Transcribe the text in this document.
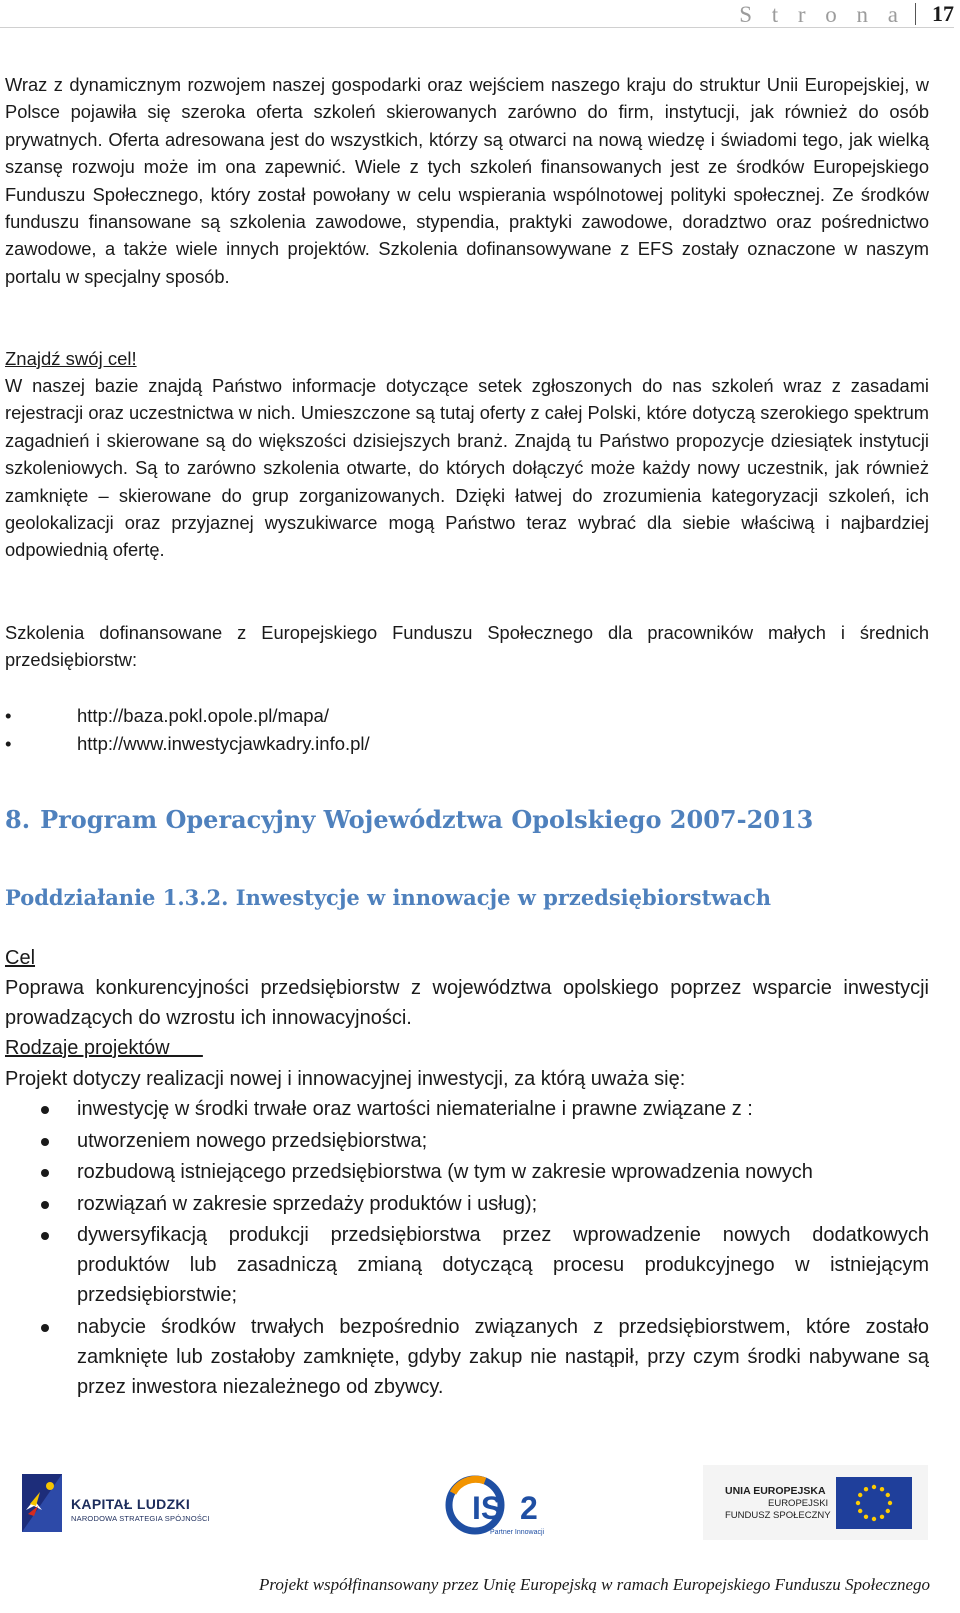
S t r o n a 17

Wraz z dynamicznym rozwojem naszej gospodarki oraz wejściem naszego kraju do struktur Unii Europejskiej, w Polsce pojawiła się szeroka oferta szkoleń skierowanych zarówno do firm, instytucji, jak również do osób prywatnych. Oferta adresowana jest do wszystkich, którzy są otwarci na nową wiedzę i świadomi tego, jak wielką szansę rozwoju może im ona zapewnić. Wiele z tych szkoleń finansowanych jest ze środków Europejskiego Funduszu Społecznego, który został powołany w celu wspierania wspólnotowej polityki społecznej. Ze środków funduszu finansowane są szkolenia zawodowe, stypendia, praktyki zawodowe, doradztwo oraz pośrednictwo zawodowe, a także wiele innych projektów. Szkolenia dofinansowywane z EFS zostały oznaczone w naszym portalu w specjalny sposób.

Znajdź swój cel!

W naszej bazie znajdą Państwo informacje dotyczące setek zgłoszonych do nas szkoleń wraz z zasadami rejestracji oraz uczestnictwa w nich. Umieszczone są tutaj oferty z całej Polski, które dotyczą szerokiego spektrum zagadnień i skierowane są do większości dzisiejszych branż. Znajdą tu Państwo propozycje dziesiątek instytucji szkoleniowych. Są to zarówno szkolenia otwarte, do których dołączyć może każdy nowy uczestnik, jak również zamknięte – skierowane do grup zorganizowanych. Dzięki łatwej do zrozumienia kategoryzacji szkoleń, ich geolokalizacji oraz przyjaznej wyszukiwarce mogą Państwo teraz wybrać dla siebie właściwą i najbardziej odpowiednią ofertę.

Szkolenia dofinansowane z Europejskiego Funduszu Społecznego dla pracowników małych i średnich przedsiębiorstw:

•	http://baza.pokl.opole.pl/mapa/
•	http://www.inwestycjawkadry.info.pl/
8. Program Operacyjny Województwa Opolskiego 2007-2013
Poddziałanie 1.3.2. Inwestycje w innowacje w przedsiębiorstwach
Cel

Poprawa konkurencyjności przedsiębiorstw z województwa opolskiego poprzez wsparcie inwestycji prowadzących do wzrostu ich innowacyjności.

Rodzaje projektów

Projekt dotyczy realizacji nowej i innowacyjnej inwestycji, za którą uważa się:

inwestycję w środki trwałe oraz wartości niematerialne i prawne związane z :
utworzeniem nowego przedsiębiorstwa;
rozbudową istniejącego przedsiębiorstwa (w tym w zakresie wprowadzenia nowych
rozwiązań w zakresie sprzedaży produktów i usług);
dywersyfikacją produkcji przedsiębiorstwa przez wprowadzenie nowych dodatkowych produktów lub zasadniczą zmianą dotyczącą procesu produkcyjnego w istniejącym przedsiębiorstwie;
nabycie środków trwałych bezpośrednio związanych z przedsiębiorstwem, które zostało zamknięte lub zostałoby zamknięte, gdyby zakup nie nastąpił, przy czym środki nabywane są przez inwestora niezależnego od zbywcy.
KAPITAŁ LUDZKI
NARODOWA STRATEGIA SPÓJNOŚCI	IS 2
Partner Innowacji
UNIA EUROPEJSKA
EUROPEJSKI
FUNDUSZ SPOŁECZNY
Projekt współfinansowany przez Unię Europejską w ramach Europejskiego Funduszu Społecznego
